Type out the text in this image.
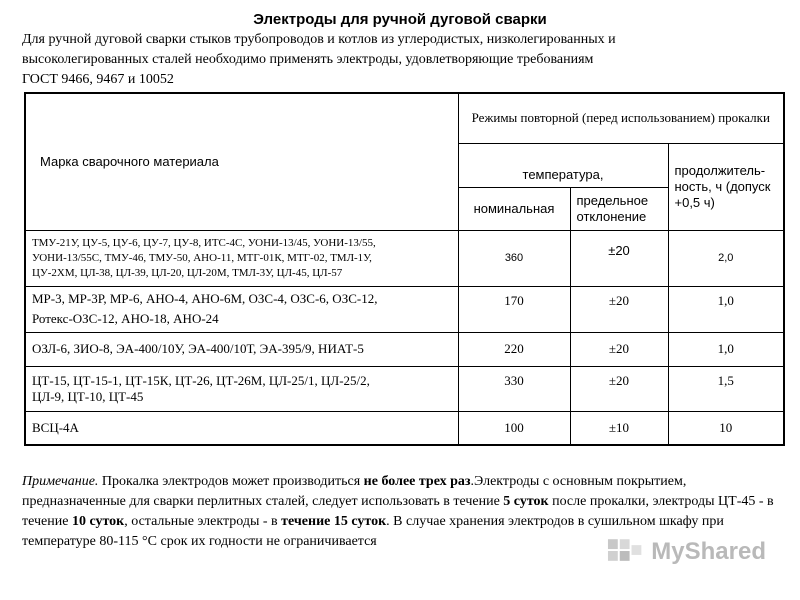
Электроды для ручной дуговой сварки
Для ручной дуговой сварки стыков трубопроводов и котлов из углеродистых, низколегированных и
высоколегированных сталей необходимо применять электроды, удовлетворяющие требованиям
ГОСТ 9466, 9467 и 10052
Марка сварочного материала	Режимы повторной (перед использованием) прокалки		
	температура,		продолжитель-ность, ч (допуск +0,5 ч)
	номинальная	предельное отклонение	

ТМУ-21У, ЦУ-5, ЦУ-6, ЦУ-7, ЦУ-8, ИТС-4С, УОНИ-13/45, УОНИ-13/55,
УОНИ-13/55С, ТМУ-46, ТМУ-50, АНО-11, МТГ-01К, МТГ-02, ТМЛ-1У,
ЦУ-2ХМ, ЦЛ-38, ЦЛ-39, ЦЛ-20, ЦЛ-20М, ТМЛ-3У, ЦЛ-45, ЦЛ-57	360	±20	2,0

МР-3, МР-3Р, МР-6, АНО-4, АНО-6М, ОЗС-4, ОЗС-6, ОЗС-12,
Ротекс-ОЗС-12, АНО-18, АНО-24	170	±20	1,0

ОЗЛ-6, ЗИО-8, ЭА-400/10У, ЭА-400/10Т, ЭА-395/9, НИАТ-5	220	±20	1,0

ЦТ-15, ЦТ-15-1, ЦТ-15К, ЦТ-26, ЦТ-26М, ЦЛ-25/1, ЦЛ-25/2,
ЦЛ-9, ЦТ-10, ЦТ-45	330	±20	1,5

ВСЦ-4А	100	±10	10
Примечание. Прокалка электродов может производиться не более трех раз.Электроды с основным покрытием, предназначенные для сварки перлитных сталей, следует использовать в течение 5 суток после прокалки, электроды ЦТ-45 - в течение 10 суток, остальные электроды - в течение 15 суток. В случае хранения электродов в сушильном шкафу при температуре 80-115 °С срок их годности не ограничивается	MyShared
